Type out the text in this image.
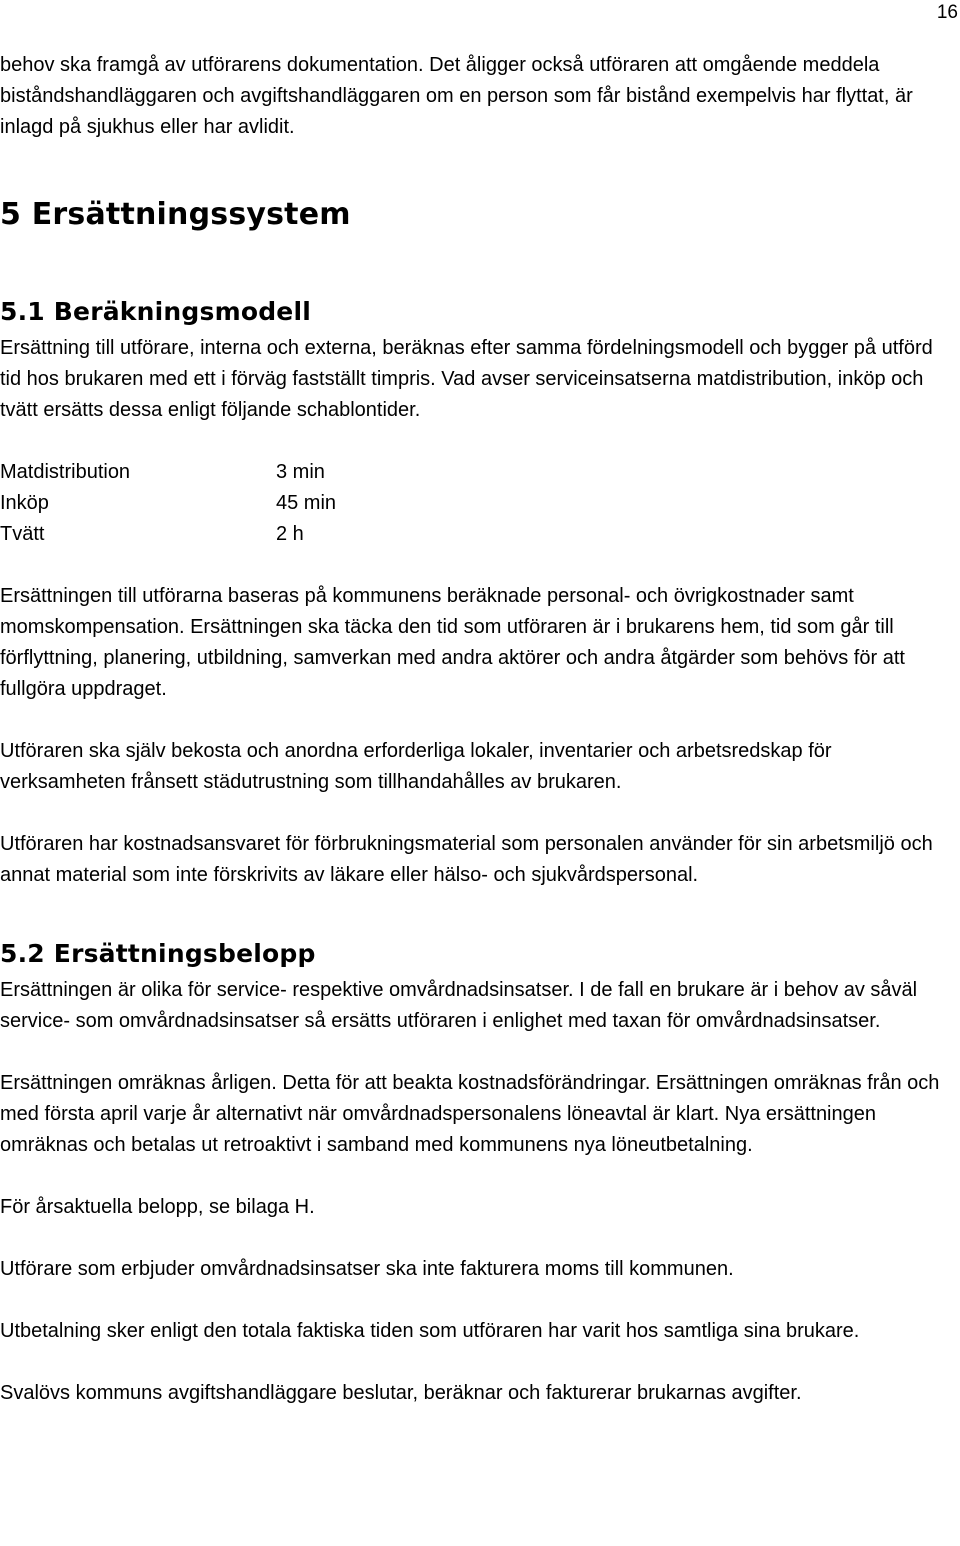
16

behov ska framgå av utförarens dokumentation. Det åligger också utföraren att omgående meddela biståndshandläggaren och avgiftshandläggaren om en person som får bistånd exempelvis har flyttat, är inlagd på sjukhus eller har avlidit.

5 Ersättningssystem
5.1 Beräkningsmodell

Ersättning till utförare, interna och externa, beräknas efter samma fördelningsmodell och bygger på utförd tid hos brukaren med ett i förväg fastställt timpris. Vad avser serviceinsatserna matdistribution, inköp och tvätt ersätts dessa enligt följande schablontider.

Matdistribution	3 min
Inköp	45 min
Tvätt	2 h

Ersättningen till utförarna baseras på kommunens beräknade personal- och övrigkostnader samt momskompensation. Ersättningen ska täcka den tid som utföraren är i brukarens hem, tid som går till förflyttning, planering, utbildning, samverkan med andra aktörer och andra åtgärder som behövs för att fullgöra uppdraget.

Utföraren ska själv bekosta och anordna erforderliga lokaler, inventarier och arbetsredskap för verksamheten frånsett städutrustning som tillhandahålles av brukaren.

Utföraren har kostnadsansvaret för förbrukningsmaterial som personalen använder för sin arbetsmiljö och annat material som inte förskrivits av läkare eller hälso- och sjukvårdspersonal.

5.2 Ersättningsbelopp

Ersättningen är olika för service- respektive omvårdnadsinsatser. I de fall en brukare är i behov av såväl service- som omvårdnadsinsatser så ersätts utföraren i enlighet med taxan för omvårdnadsinsatser.

Ersättningen omräknas årligen. Detta för att beakta kostnadsförändringar. Ersättningen omräknas från och med första april varje år alternativt när omvårdnadspersonalens löneavtal är klart. Nya ersättningen omräknas och betalas ut retroaktivt i samband med kommunens nya löneutbetalning.

För årsaktuella belopp, se bilaga H.

Utförare som erbjuder omvårdnadsinsatser ska inte fakturera moms till kommunen.

Utbetalning sker enligt den totala faktiska tiden som utföraren har varit hos samtliga sina brukare.

Svalövs kommuns avgiftshandläggare beslutar, beräknar och fakturerar brukarnas avgifter.
